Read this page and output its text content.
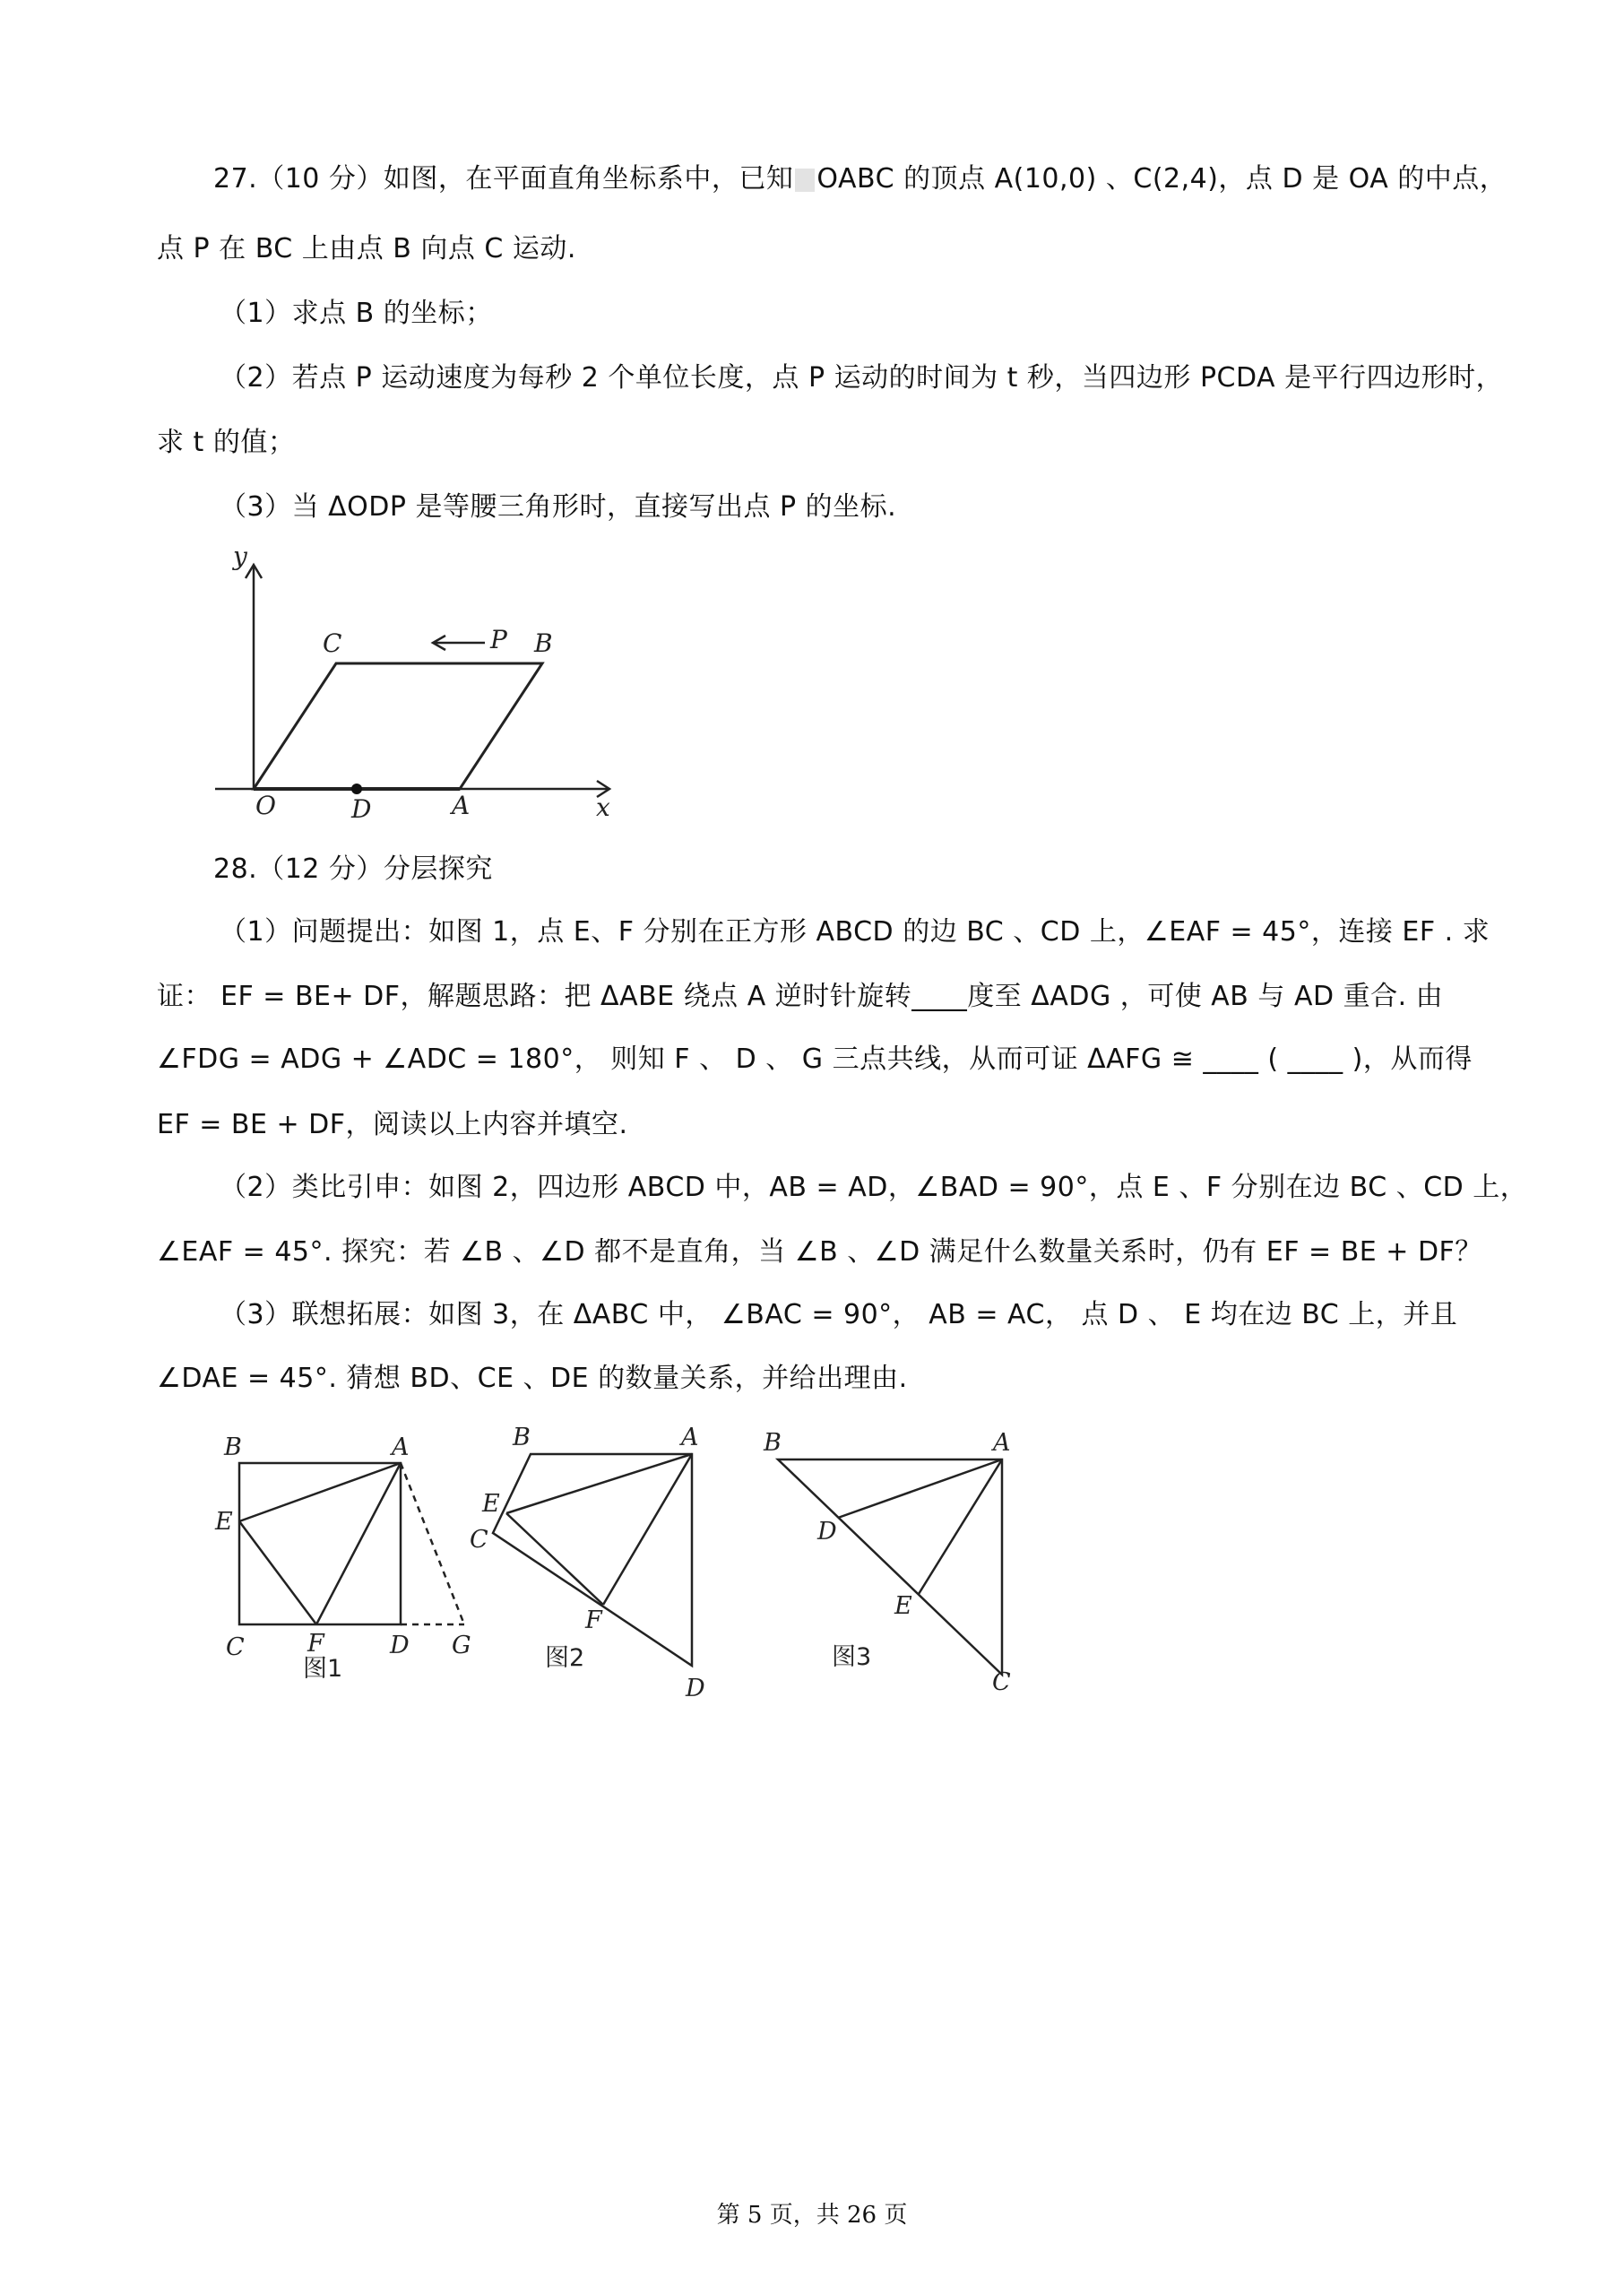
27.（10 分）如图，在平面直角坐标系中，已知 OABC 的顶点 A(10,0) 、C(2,4)，点 D 是 OA 的中点，
点 P 在 BC 上由点 B 向点 C 运动.
（1）求点 B 的坐标；
（2）若点 P 运动速度为每秒 2 个单位长度，点 P 运动的时间为 t 秒，当四边形 PCDA 是平行四边形时，
求 t 的值；
（3）当 ΔODP 是等腰三角形时，直接写出点 P 的坐标.
y
x
O	D	A
C	B
P
28.（12 分）分层探究
（1）问题提出：如图 1，点 E、F 分别在正方形 ABCD 的边 BC 、CD 上，∠EAF = 45°，连接 EF . 求
证： EF = BE+ DF，解题思路：把 ΔABE 绕点 A 逆时针旋转____度至 ΔADG ，可使 AB 与 AD 重合. 由
∠FDG = ADG + ∠ADC = 180°， 则知 F 、 D 、 G 三点共线，从而可证 ΔAFG ≅ ____ ( ____ )，从而得
EF = BE + DF，阅读以上内容并填空.
（2）类比引申：如图 2，四边形 ABCD 中，AB = AD，∠BAD = 90°，点 E 、F 分别在边 BC 、CD 上，
∠EAF = 45°. 探究：若 ∠B 、∠D 都不是直角，当 ∠B 、∠D 满足什么数量关系时，仍有 EF = BE + DF？
（3）联想拓展：如图 3，在 ΔABC 中， ∠BAC = 90°， AB = AC， 点 D 、 E 均在边 BC 上，并且
∠DAE = 45°. 猜想 BD、CE 、DE 的数量关系，并给出理由.
B	A
E
C	F	D G
图1
B	A
E
C
F
D
图2
B	A
D
E
C
图3
第 5 页，共 26 页
